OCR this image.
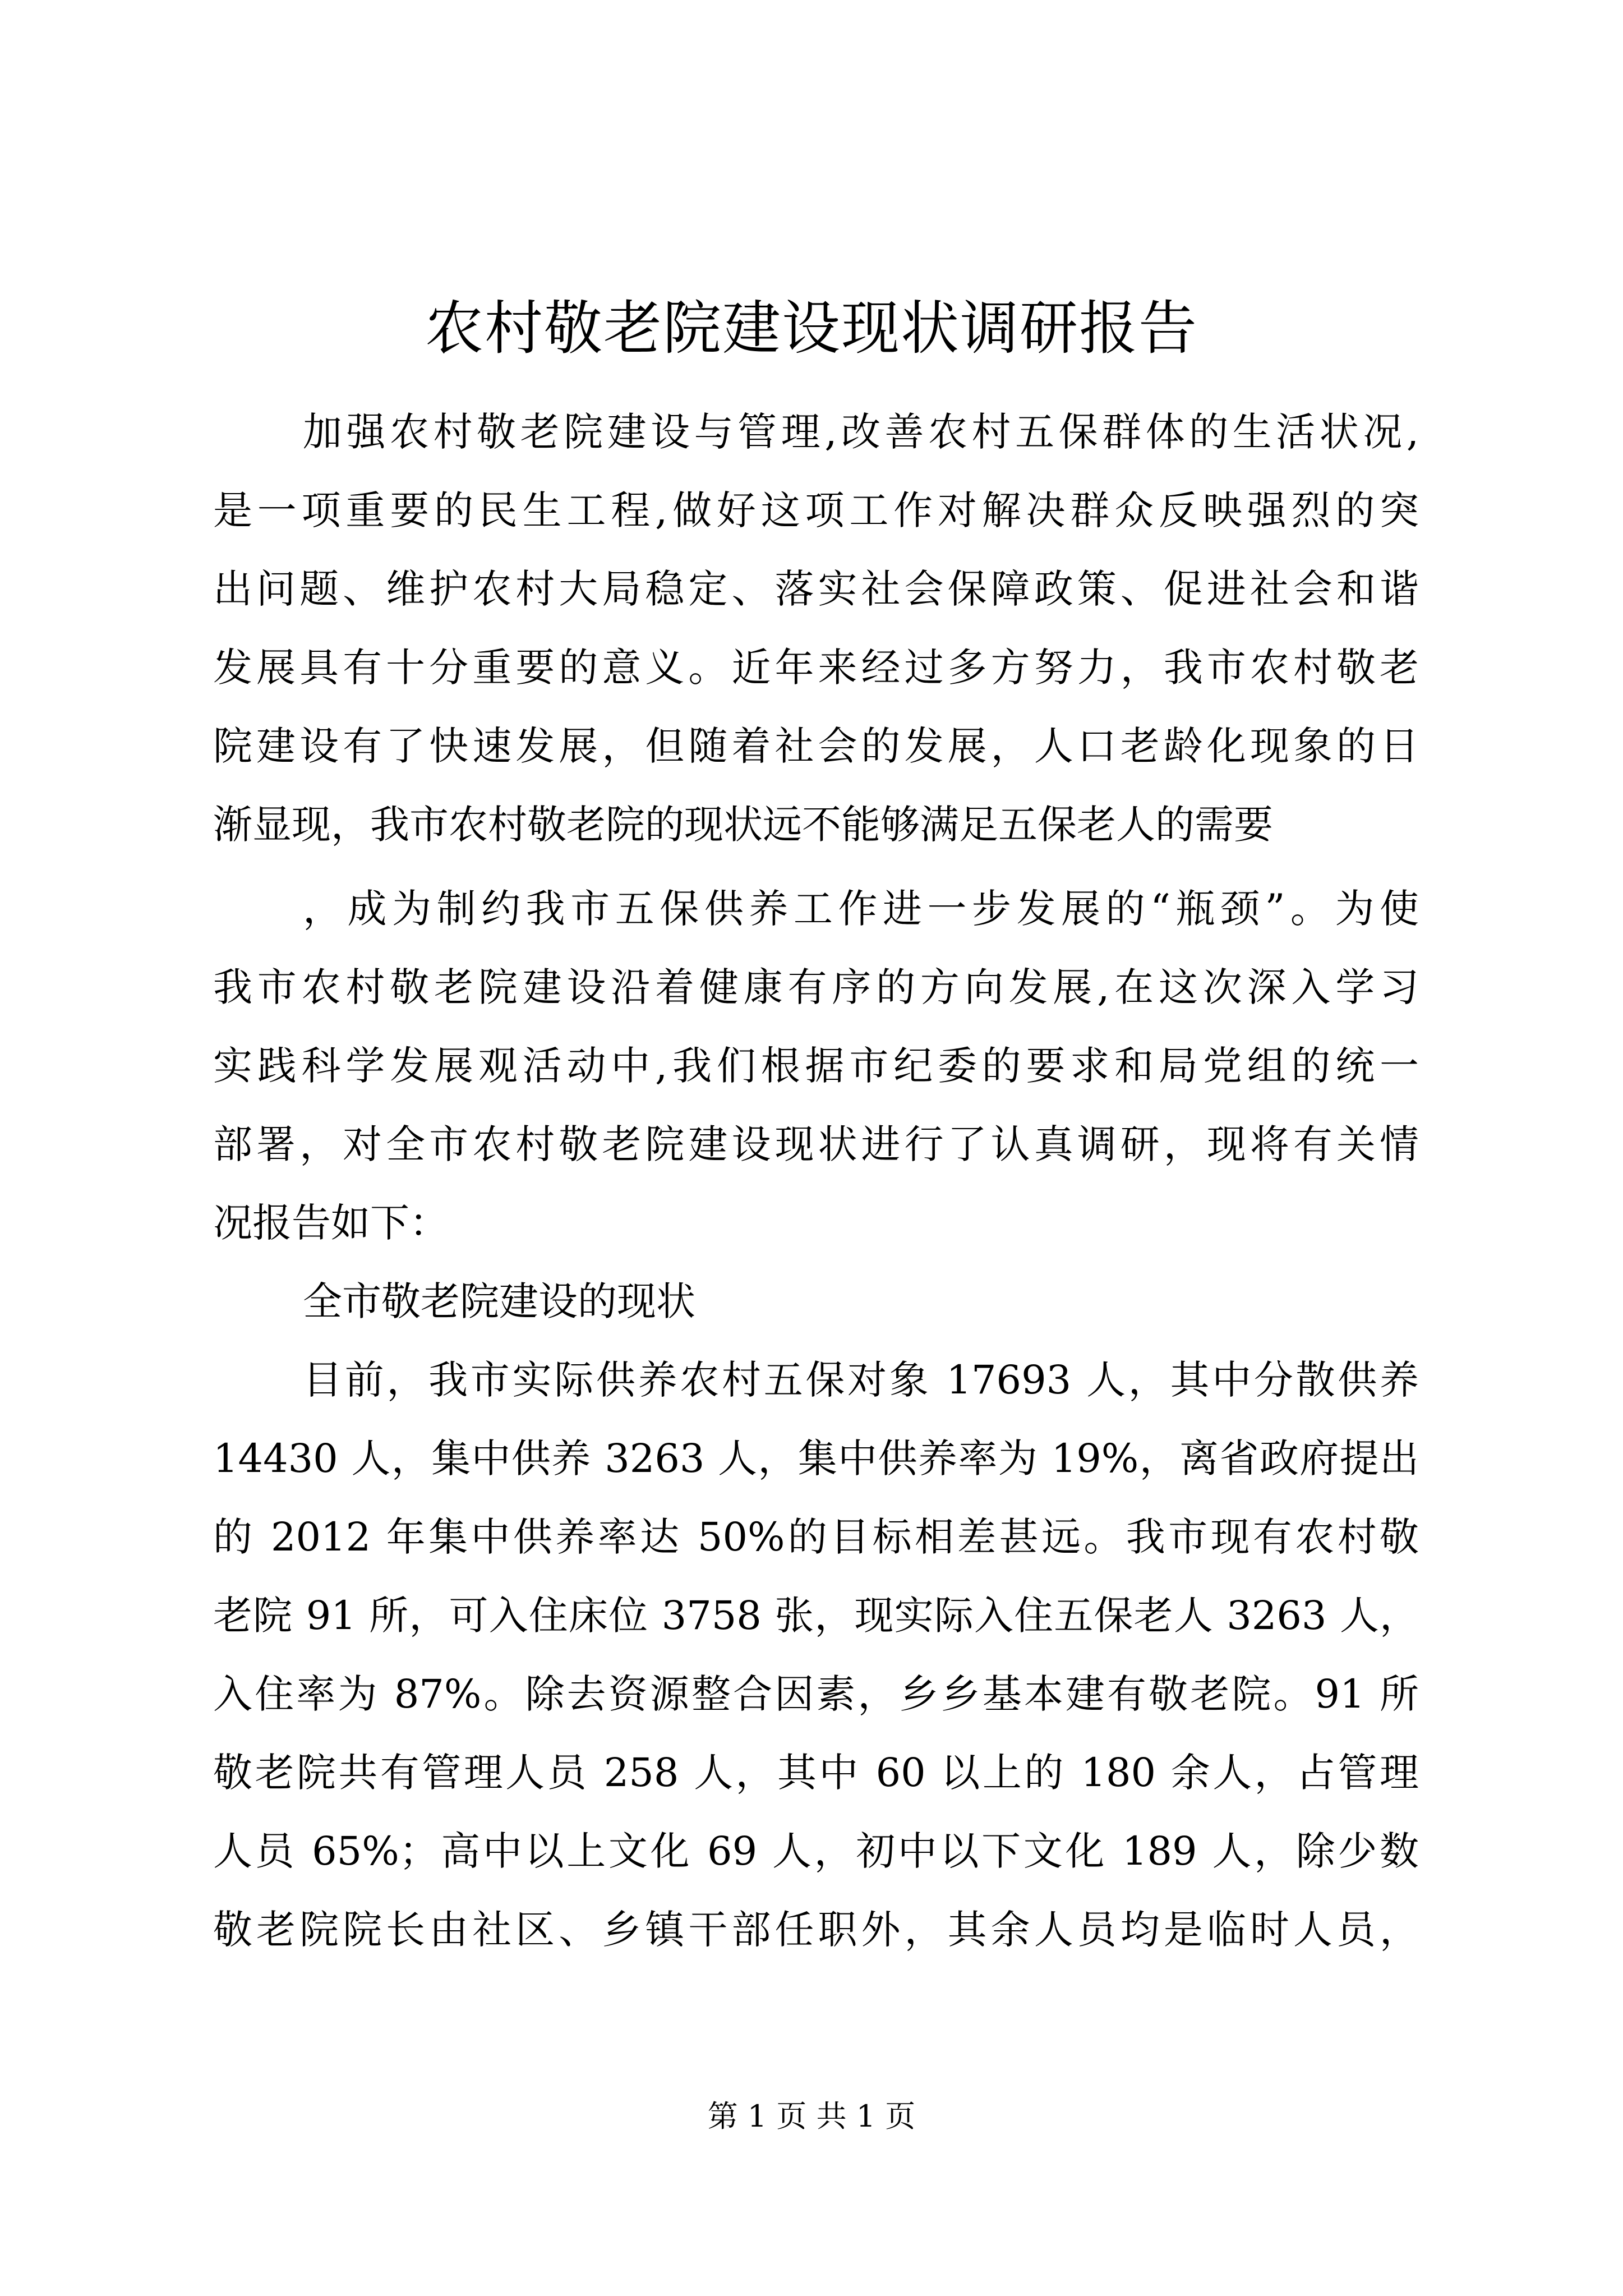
农村敬老院建设现状调研报告

加强农村敬老院建设与管理,改善农村五保群体的生活状况,

是一项重要的民生工程,做好这项工作对解决群众反映强烈的突

出问题、维护农村大局稳定、落实社会保障政策、促进社会和谐

发展具有十分重要的意义。近年来经过多方努力，我市农村敬老

院建设有了快速发展，但随着社会的发展，人口老龄化现象的日

渐显现，我市农村敬老院的现状远不能够满足五保老人的需要

，成为制约我市五保供养工作进一步发展的“瓶颈”。为使

我市农村敬老院建设沿着健康有序的方向发展,在这次深入学习

实践科学发展观活动中,我们根据市纪委的要求和局党组的统一

部署，对全市农村敬老院建设现状进行了认真调研，现将有关情

况报告如下：

全市敬老院建设的现状

目前，我市实际供养农村五保对象 17693 人，其中分散供养

14430 人，集中供养 3263 人，集中供养率为 19%，离省政府提出

的 2012 年集中供养率达 50%的目标相差甚远。我市现有农村敬

老院 91 所，可入住床位 3758 张，现实际入住五保老人 3263 人，

入住率为 87%。除去资源整合因素，乡乡基本建有敬老院。91 所

敬老院共有管理人员 258 人，其中 60 以上的 180 余人，占管理

人员 65%；高中以上文化 69 人，初中以下文化 189 人，除少数

敬老院院长由社区、乡镇干部任职外，其余人员均是临时人员，

第 1 页 共 1 页
